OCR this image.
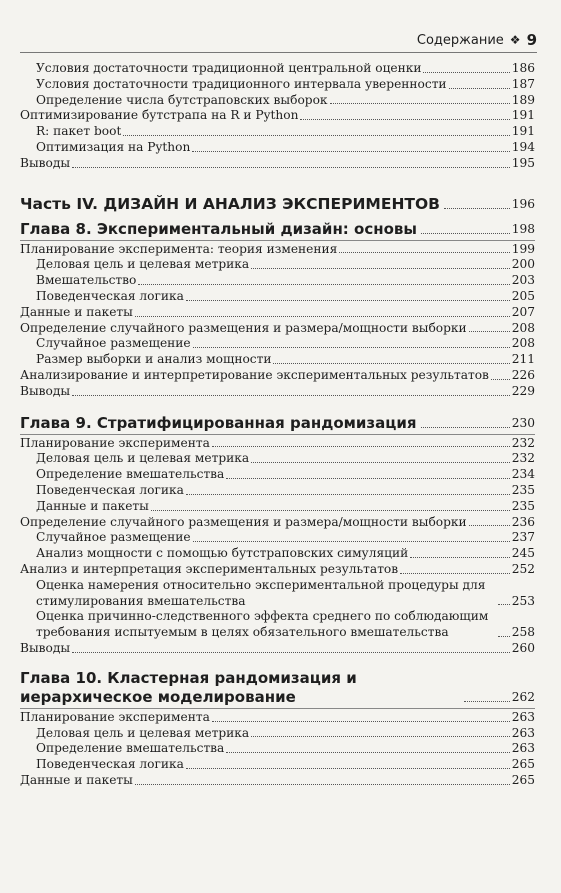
Содержание ❖ 9
Условия достаточности традиционной центральной оценки	186
Условия достаточности традиционного интервала уверенности	187
Определение числа бутстраповских выборок	189
Оптимизирование бутстрапа на R и Python	191
R: пакет boot	191
Оптимизация на Python	194
Выводы	195
Часть IV. ДИЗАЙН И АНАЛИЗ ЭКСПЕРИМЕНТОВ	196
Глава 8. Экспериментальный дизайн: основы	198
Планирование эксперимента: теория изменения	199
Деловая цель и целевая метрика	200
Вмешательство	203
Поведенческая логика	205
Данные и пакеты	207
Определение случайного размещения и размера/мощности выборки	208
Случайное размещение	208
Размер выборки и анализ мощности	211
Анализирование и интерпретирование экспериментальных результатов 226
Выводы	229
Глава 9. Стратифицированная рандомизация	230
Планирование эксперимента	232
Деловая цель и целевая метрика	232
Определение вмешательства	234
Поведенческая логика	235
Данные и пакеты	235
Определение случайного размещения и размера/мощности выборки	236
Случайное размещение	237
Анализ мощности с помощью бутстраповских симуляций	245
Анализ и интерпретация экспериментальных результатов	252
Оценка намерения относительно экспериментальной процедуры для стимулирования вмешательства	253
Оценка причинно-следственного эффекта среднего по соблюдающим требования испытуемым в целях обязательного вмешательства	258
Выводы	260
Глава 10. Кластерная рандомизация и иерархическое моделирование	262
Планирование эксперимента	263
Деловая цель и целевая метрика	263
Определение вмешательства	263
Поведенческая логика	265
Данные и пакеты	265
